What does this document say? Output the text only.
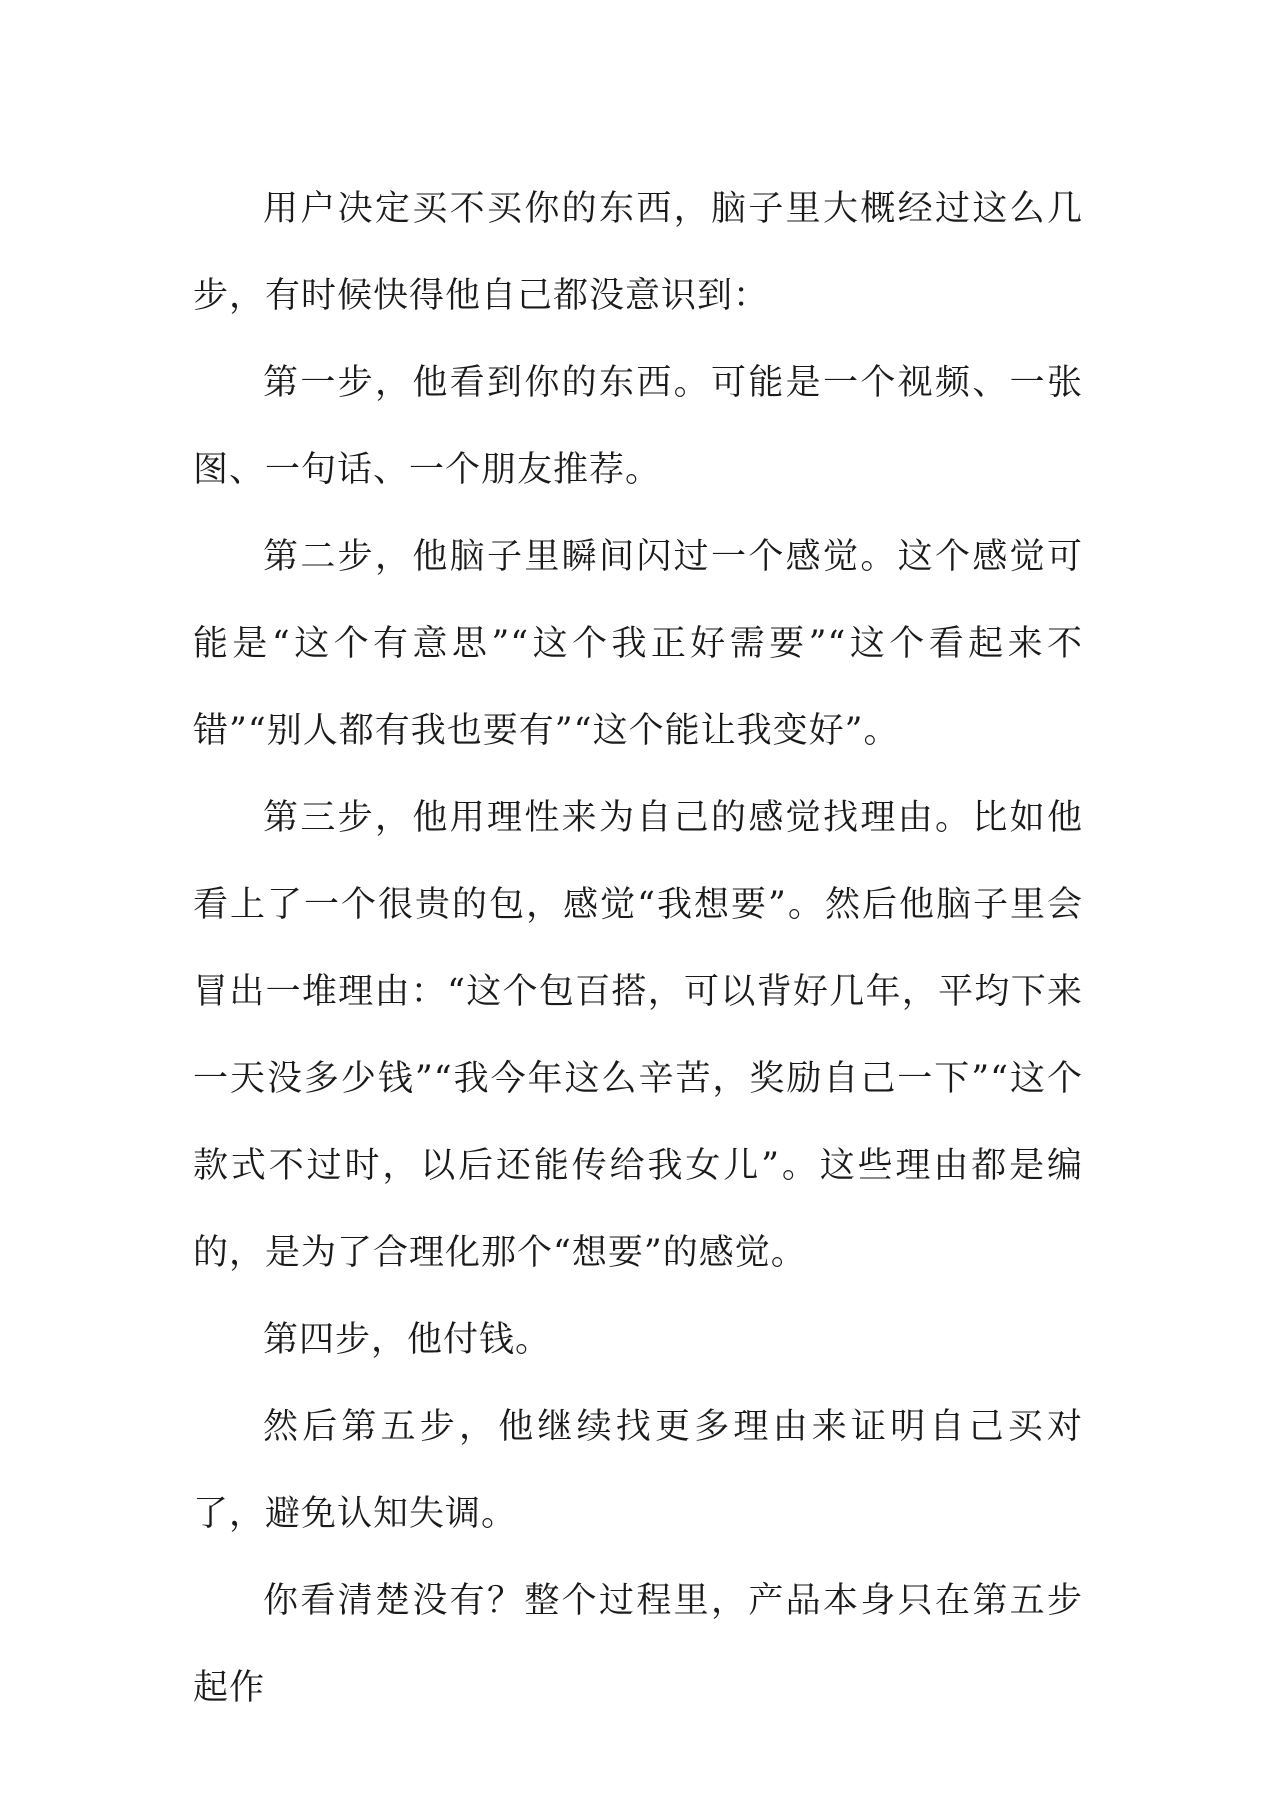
用户决定买不买你的东西，脑子里大概经过这么几步，有时候快得他自己都没意识到：

第一步，他看到你的东西。可能是一个视频、一张图、一句话、一个朋友推荐。

第二步，他脑子里瞬间闪过一个感觉。这个感觉可能是“这个有意思”“这个我正好需要”“这个看起来不错”“别人都有我也要有”“这个能让我变好”。

第三步，他用理性来为自己的感觉找理由。比如他看上了一个很贵的包，感觉“我想要”。然后他脑子里会冒出一堆理由：“这个包百搭，可以背好几年，平均下来一天没多少钱”“我今年这么辛苦，奖励自己一下”“这个款式不过时，以后还能传给我女儿”。这些理由都是编的，是为了合理化那个“想要”的感觉。

第四步，他付钱。

然后第五步，他继续找更多理由来证明自己买对了，避免认知失调。

你看清楚没有？整个过程里，产品本身只在第五步起作
